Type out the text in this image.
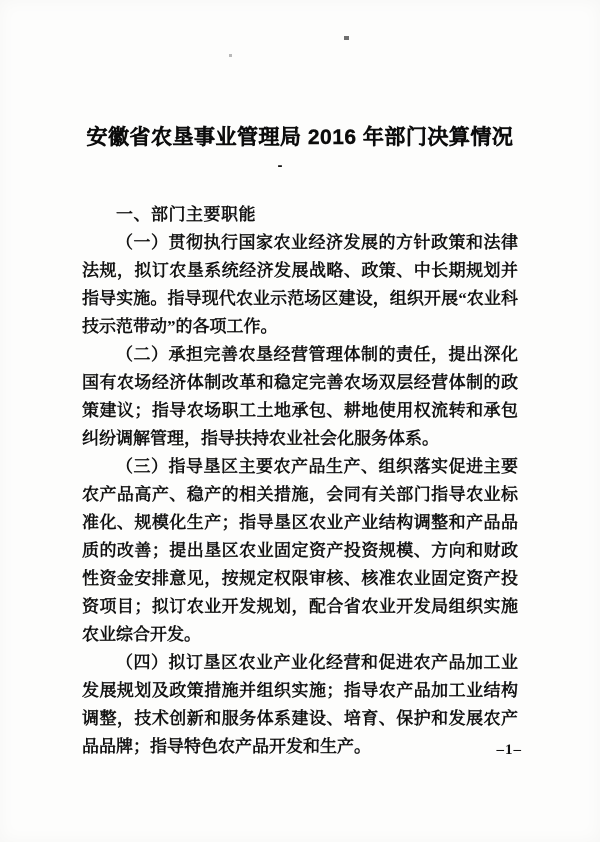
安徽省农垦事业管理局 2016 年部门决算情况
-

一、部门主要职能

（一）贯彻执行国家农业经济发展的方针政策和法律法规，拟订农垦系统经济发展战略、政策、中长期规划并指导实施。指导现代农业示范场区建设，组织开展“农业科技示范带动”的各项工作。

（二）承担完善农垦经营管理体制的责任，提出深化国有农场经济体制改革和稳定完善农场双层经营体制的政策建议；指导农场职工土地承包、耕地使用权流转和承包纠纷调解管理，指导扶持农业社会化服务体系。

（三）指导垦区主要农产品生产、组织落实促进主要农产品高产、稳产的相关措施，会同有关部门指导农业标准化、规模化生产；指导垦区农业产业结构调整和产品品质的改善；提出垦区农业固定资产投资规模、方向和财政性资金安排意见，按规定权限审核、核准农业固定资产投资项目；拟订农业开发规划，配合省农业开发局组织实施农业综合开发。

（四）拟订垦区农业产业化经营和促进农产品加工业发展规划及政策措施并组织实施；指导农产品加工业结构调整，技术创新和服务体系建设、培育、保护和发展农产品品牌；指导特色农产品开发和生产。	–1–
